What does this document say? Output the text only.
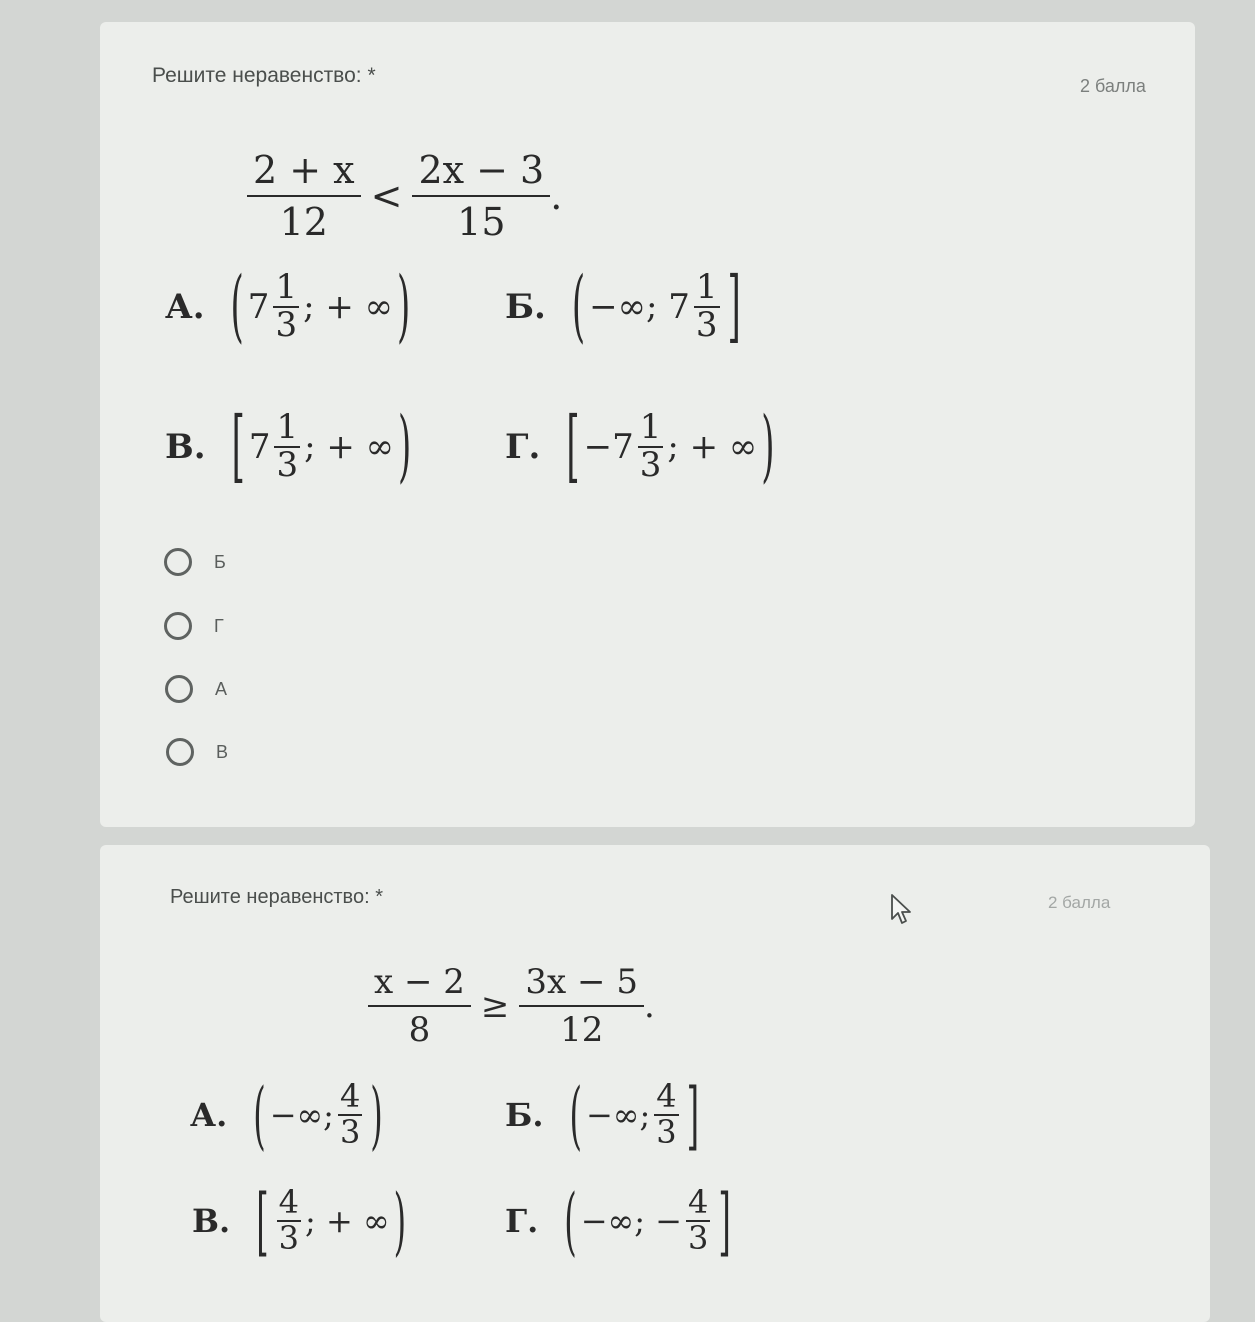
Решите неравенство: *	2 балла
$\frac{2 + x}{12} < \frac{2x - 3}{15}$ .
А. ( 7 1
3 ; + ∞ )	Б. ( −∞; 7 1
3 ]
В. [ 7 1
3 ; + ∞ )	Г. [ −7 1
3 ; + ∞ )
Б
Г
А
В
Решите неравенство: *	2 балла
$\frac{x - 2}{8} \ge \frac{3x - 5}{12}$ .
А. ( −∞; 4
3 )	Б. ( −∞; 4
3 ]
В. [ 4
3 ; + ∞ )	Г. ( −∞; − 4
3 ]
